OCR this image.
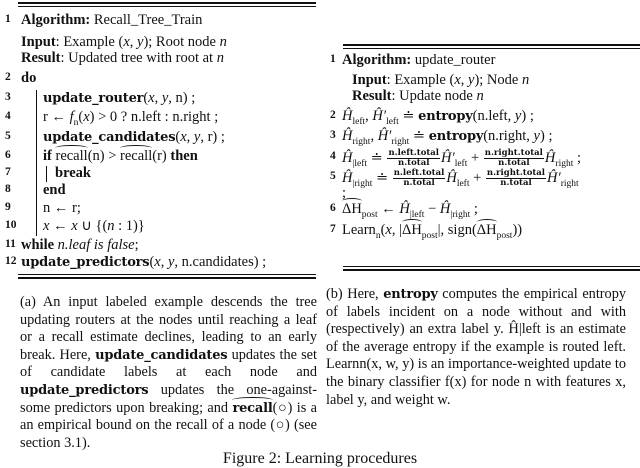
1 Algorithm: Recall_Tree_Train
Input: Example (x, y); Root node n
Result: Updated tree with root at n
2 do
3 update_router(x, y, n) ;
4 r ← $f_n(x) > 0$ ? n.left : n.right ;
5 update_candidates(x, y, r) ;
6 if recall(n) > recall(r) then
7	break
8 end
9 n ← r;
10 x ← x ∪ {(n : 1)}
11 while n.leaf is false;
12 update_predictors(x, y, n.candidates) ;
1 Algorithm: update_router
Input: Example (x, y); Node n
Result: Update node n
2 $Ĥ_{left}$, $Ĥ'_{left}$ ≐ entropy(n.left, y) ;
3 $Ĥ_{right}$, $Ĥ'_{right}$ ≐ entropy(n.right, y) ;
4 $Ĥ_{|left}$ ≐ $\frac{\text{n.left.total}}{\text{n.total}}$ $Ĥ'_{left} + \frac{\text{n.right.total}}{\text{n.total}}$ $Ĥ_{right}$ ;
5 $Ĥ_{|right}$ ≐ $\frac{\text{n.left.total}}{\text{n.total}}$ $Ĥ_{left} + \frac{\text{n.right.total}}{\text{n.total}}$ $Ĥ'_{right}$
;
6 $\Delta H_{post}$ ← $Ĥ_{|left}$ − $Ĥ_{|right}$ ;
7 Learn$_n$(x, $|\Delta H_{post}|$, $sign(\Delta H_{post})$)
(a) An input labeled example descends the tree updating routers at the nodes until reaching a leaf or a recall estimate declines, leading to an early break. Here, update_candidates updates the set of candidate labels at each node and update_predictors updates the one-against-some predictors upon breaking; and recall(○) is a an empirical bound on the recall of a node (○) (see section 3.1).
(b) Here, entropy computes the empirical entropy of labels incident on a node without and with (respectively) an extra label y. Ĥ|left is an estimate of the average entropy if the example is routed left. Learnn(x, w, y) is an importance-weighted update to the binary classifier f(x) for node n with features x, label y, and weight w.
Figure 2: Learning procedures
